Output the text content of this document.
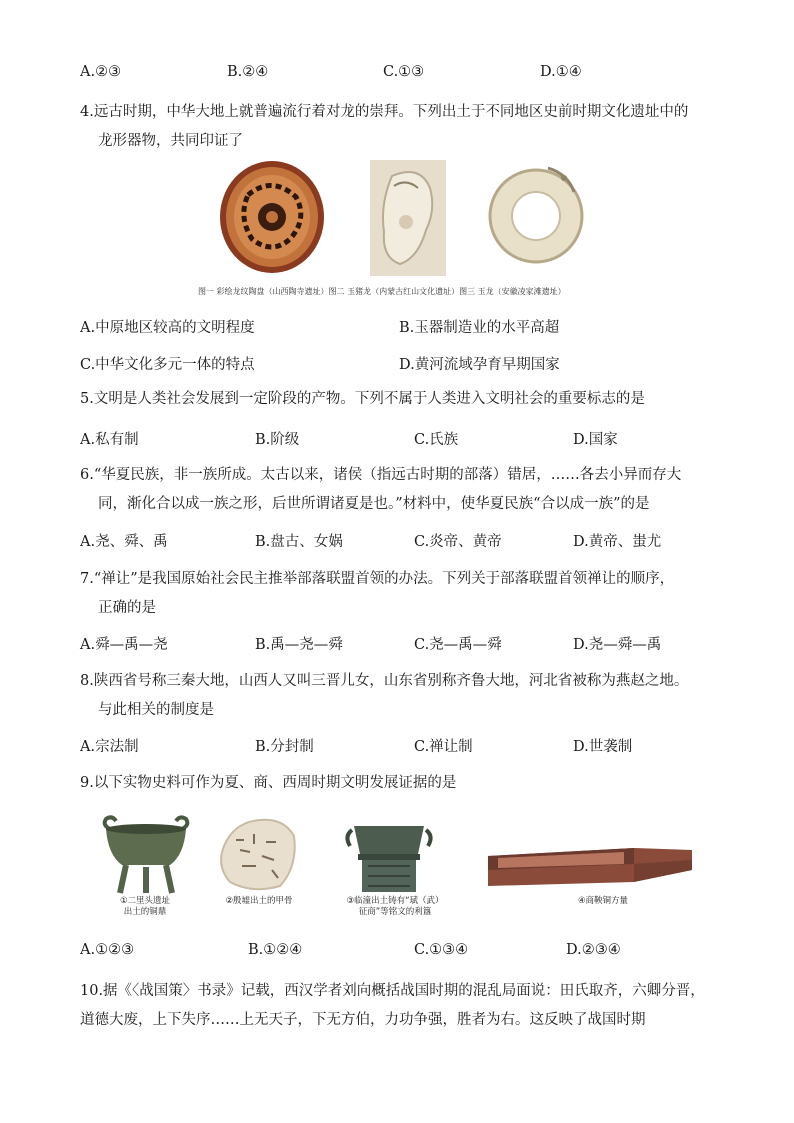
A.②③	B.②④	C.①③	D.①④
4.远古时期，中华大地上就普遍流行着对龙的崇拜。下列出土于不同地区史前时期文化遗址中的

龙形器物，共同印证了
图一 彩绘龙纹陶盘（山西陶寺遗址）图二 玉猪龙（内蒙古红山文化遗址）图三 玉龙（安徽凌家滩遗址）
A.中原地区较高的文明程度	B.玉器制造业的水平高超
C.中华文化多元一体的特点	D.黄河流域孕育早期国家
5.文明是人类社会发展到一定阶段的产物。下列不属于人类进入文明社会的重要标志的是
A.私有制	B.阶级	C.氏族	D.国家
6.“华夏民族，非一族所成。太古以来，诸侯（指远古时期的部落）错居，……各去小异而存大

同，渐化合以成一族之形，后世所谓诸夏是也。”材料中，使华夏民族“合以成一族”的是
A.尧、舜、禹	B.盘古、女娲	C.炎帝、黄帝	D.黄帝、蚩尤
7.“禅让”是我国原始社会民主推举部落联盟首领的办法。下列关于部落联盟首领禅让的顺序，

正确的是
A.舜—禹—尧	B.禹—尧—舜	C.尧—禹—舜	D.尧—舜—禹
8.陕西省号称三秦大地，山西人又叫三晋儿女，山东省别称齐鲁大地，河北省被称为燕赵之地。

与此相关的制度是
A.宗法制	B.分封制	C.禅让制	D.世袭制
9.以下实物史料可作为夏、商、西周时期文明发展证据的是
①二里头遗址
出土的铜鼎
②殷墟出土的甲骨	③临潼出土铸有“珷（武）
征商”等铭文的利簋
④商鞅铜方量
A.①②③	B.①②④	C.①③④	D.②③④
10.据《〈战国策〉书录》记载，西汉学者刘向概括战国时期的混乱局面说：田氏取齐，六卿分晋，
道德大废，上下失序……上无天子，下无方伯，力功争强，胜者为右。这反映了战国时期
